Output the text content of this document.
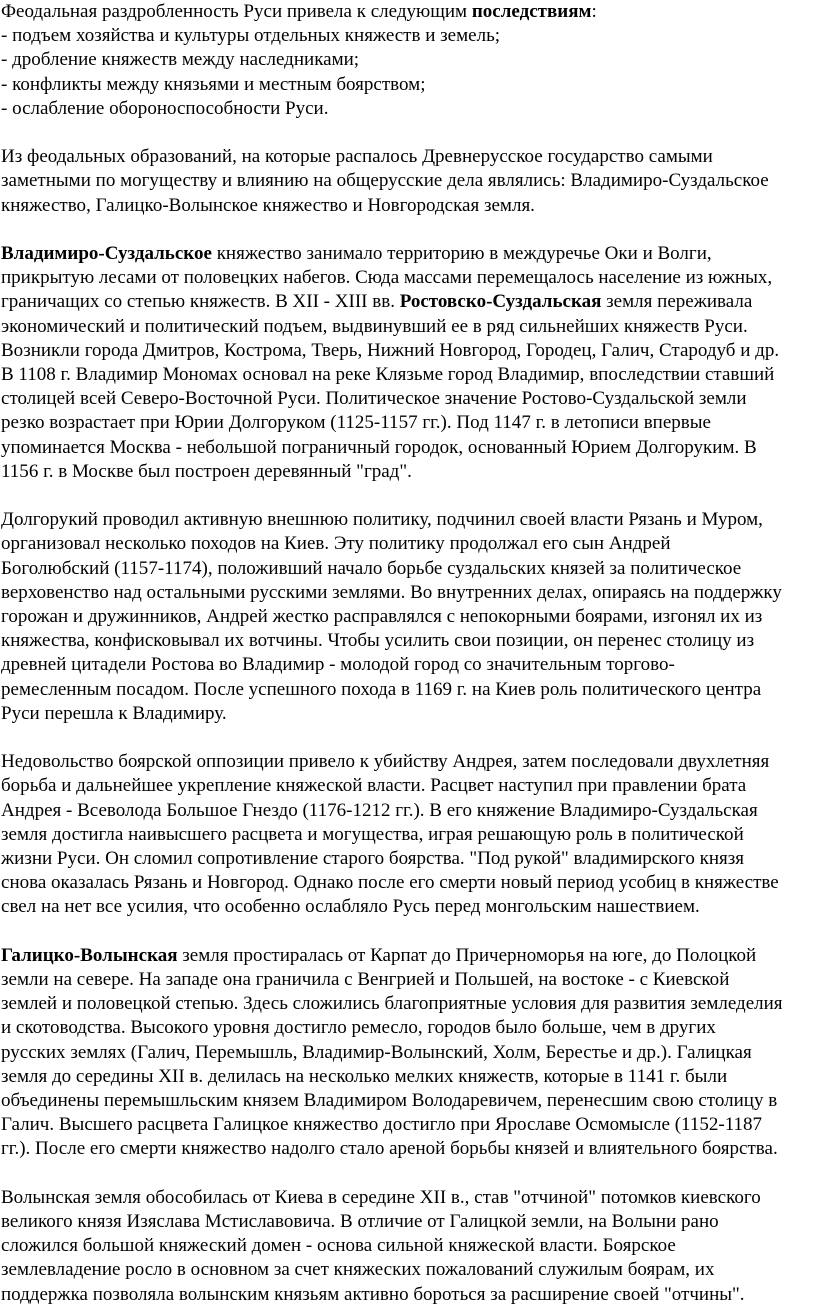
Феодальная раздробленность Руси привела к следующим последствиям:

- подъем хозяйства и культуры отдельных княжеств и земель;

- дробление княжеств между наследниками;

- конфликты между князьями и местным боярством;

- ослабление обороноспособности Руси.

Из феодальных образований, на которые распалось Древнерусское государство самыми

заметными по могуществу и влиянию на общерусские дела являлись: Владимиро-Суздальское

княжество, Галицко-Волынское княжество и Новгородская земля.

Владимиро-Суздальское княжество занимало территорию в междуречье Оки и Волги,

прикрытую лесами от половецких набегов. Сюда массами перемещалось население из южных,

граничащих со степью княжеств. В XII - XIII вв. Ростовско-Суздальская земля переживала

экономический и политический подъем, выдвинувший ее в ряд сильнейших княжеств Руси.

Возникли города Дмитров, Кострома, Тверь, Нижний Новгород, Городец, Галич, Стародуб и др.

В 1108 г. Владимир Мономах основал на реке Клязьме город Владимир, впоследствии ставший

столицей всей Северо-Восточной Руси. Политическое значение Ростово-Суздальской земли

резко возрастает при Юрии Долгоруком (1125-1157 гг.). Под 1147 г. в летописи впервые

упоминается Москва - небольшой пограничный городок, основанный Юрием Долгоруким. В

1156 г. в Москве был построен деревянный "град".

Долгорукий проводил активную внешнюю политику, подчинил своей власти Рязань и Муром,

организовал несколько походов на Киев. Эту политику продолжал его сын Андрей

Боголюбский (1157-1174), положивший начало борьбе суздальских князей за политическое

верховенство над остальными русскими землями. Во внутренних делах, опираясь на поддержку

горожан и дружинников, Андрей жестко расправлялся с непокорными боярами, изгонял их из

княжества, конфисковывал их вотчины. Чтобы усилить свои позиции, он перенес столицу из

древней цитадели Ростова во Владимир - молодой город со значительным торгово-

ремесленным посадом. После успешного похода в 1169 г. на Киев роль политического центра

Руси перешла к Владимиру.

Недовольство боярской оппозиции привело к убийству Андрея, затем последовали двухлетняя

борьба и дальнейшее укрепление княжеской власти. Расцвет наступил при правлении брата

Андрея - Всеволода Большое Гнездо (1176-1212 гг.). В его княжение Владимиро-Суздальская

земля достигла наивысшего расцвета и могущества, играя решающую роль в политической

жизни Руси. Он сломил сопротивление старого боярства. "Под рукой" владимирского князя

снова оказалась Рязань и Новгород. Однако после его смерти новый период усобиц в княжестве

свел на нет все усилия, что особенно ослабляло Русь перед монгольским нашествием.

Галицко-Волынская земля простиралась от Карпат до Причерноморья на юге, до Полоцкой

земли на севере. На западе она граничила с Венгрией и Польшей, на востоке - с Киевской

землей и половецкой степью. Здесь сложились благоприятные условия для развития земледелия

и скотоводства. Высокого уровня достигло ремесло, городов было больше, чем в других

русских землях (Галич, Перемышль, Владимир-Волынский, Холм, Берестье и др.). Галицкая

земля до середины XII в. делилась на несколько мелких княжеств, которые в 1141 г. были

объединены перемышльским князем Владимиром Володаревичем, перенесшим свою столицу в

Галич. Высшего расцвета Галицкое княжество достигло при Ярославе Осмомысле (1152-1187

гг.). После его смерти княжество надолго стало ареной борьбы князей и влиятельного боярства.

Волынская земля обособилась от Киева в середине XII в., став "отчиной" потомков киевского

великого князя Изяслава Мстиславовича. В отличие от Галицкой земли, на Волыни рано

сложился большой княжеский домен - основа сильной княжеской власти. Боярское

землевладение росло в основном за счет княжеских пожалований служилым боярам, их

поддержка позволяла волынским князьям активно бороться за расширение своей "отчины".
